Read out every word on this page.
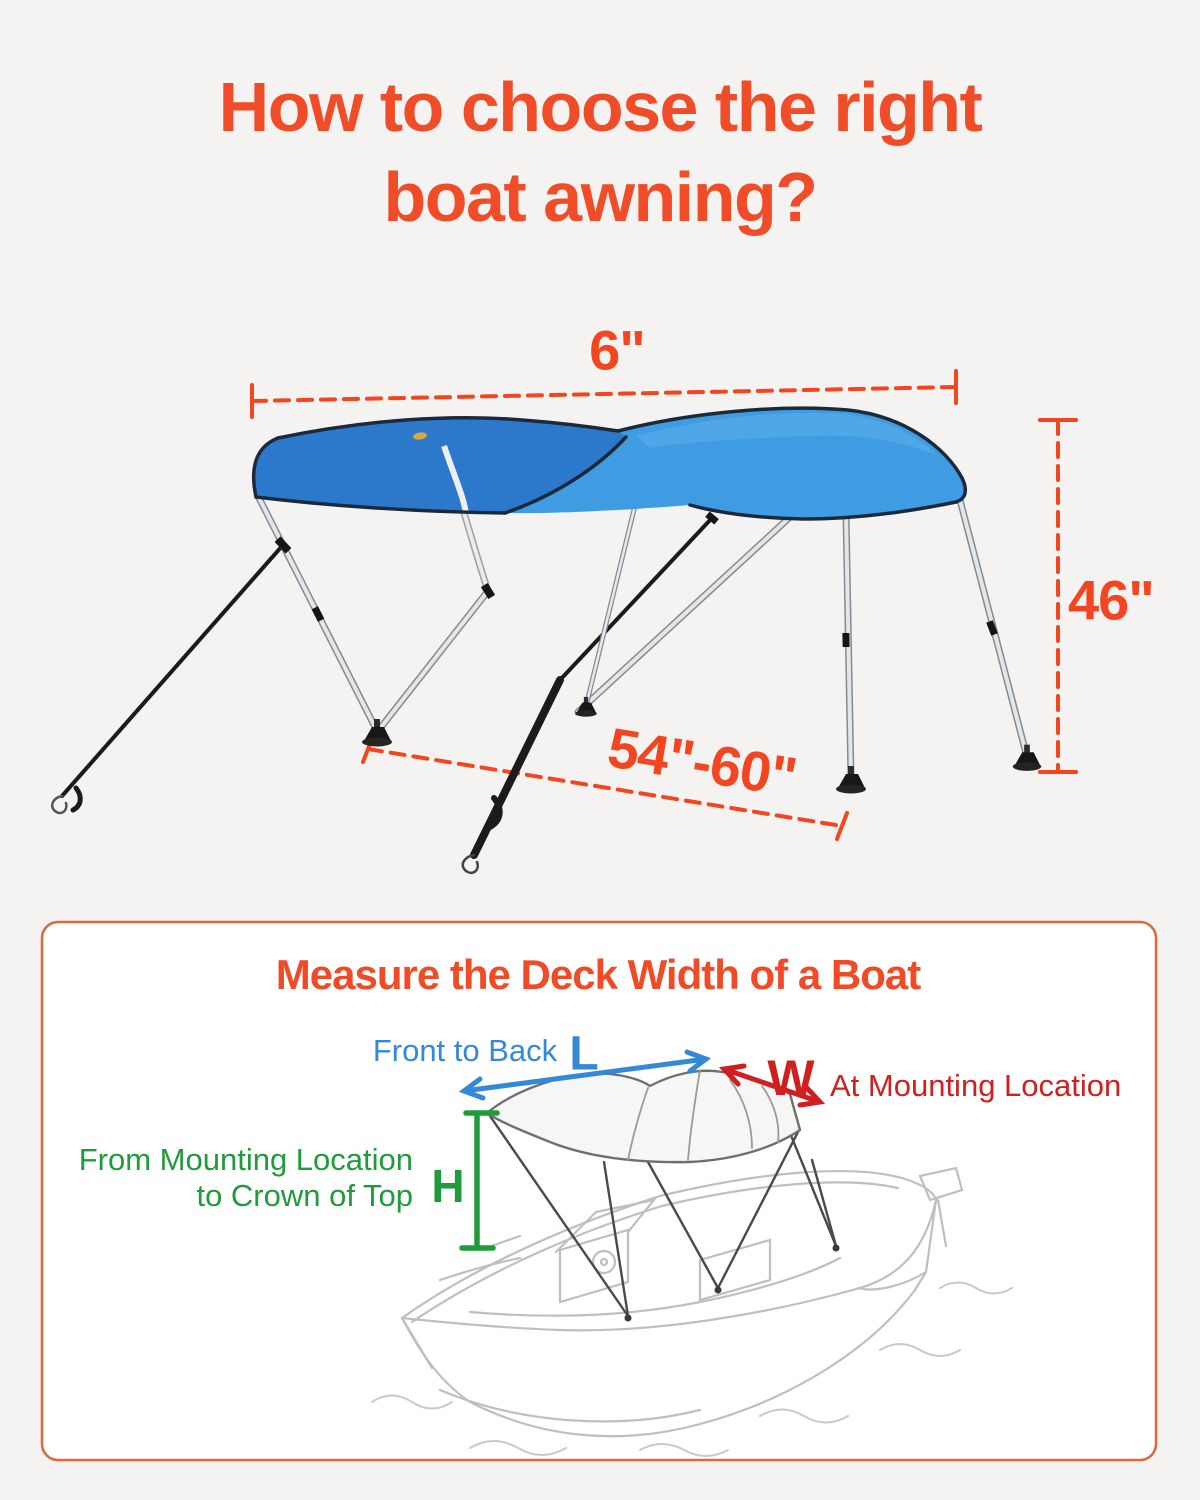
How to choose the right
boat awning?
6"
46"
54"-60"
Measure the Deck Width of a Boat
Front to Back L	W At Mounting Location
H
From Mounting Location
to Crown of Top
